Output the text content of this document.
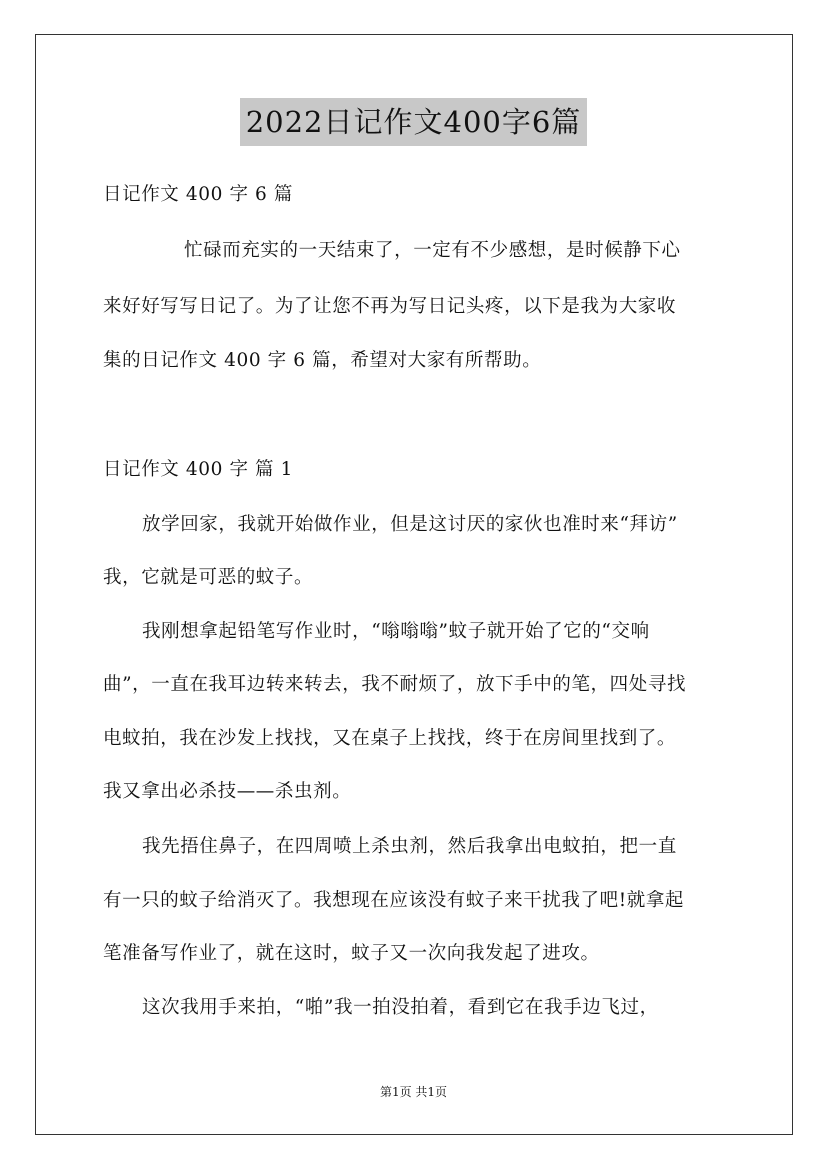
2022日记作文400字6篇
日记作文 400 字 6 篇
忙碌而充实的一天结束了，一定有不少感想，是时候静下心
来好好写写日记了。为了让您不再为写日记头疼，以下是我为大家收
集的日记作文 400 字 6 篇，希望对大家有所帮助。
日记作文 400 字 篇 1
放学回家，我就开始做作业，但是这讨厌的家伙也准时来“拜访”
我，它就是可恶的蚊子。
我刚想拿起铅笔写作业时，“嗡嗡嗡”蚊子就开始了它的“交响
曲”，一直在我耳边转来转去，我不耐烦了，放下手中的笔，四处寻找
电蚊拍，我在沙发上找找，又在桌子上找找，终于在房间里找到了。
我又拿出必杀技——杀虫剂。
我先捂住鼻子，在四周喷上杀虫剂，然后我拿出电蚊拍，把一直
有一只的蚊子给消灭了。我想现在应该没有蚊子来干扰我了吧!就拿起
笔准备写作业了，就在这时，蚊子又一次向我发起了进攻。
这次我用手来拍，“啪”我一拍没拍着，看到它在我手边飞过，
第1页 共1页
